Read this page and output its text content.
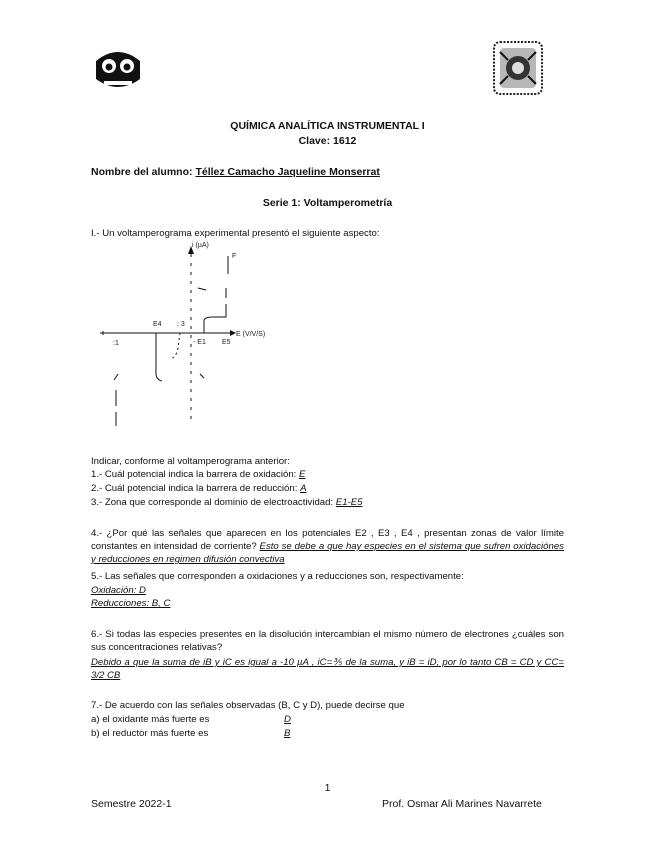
QUÍMICA ANALÍTICA INSTRUMENTAL I
Clave: 1612
Nombre del alumno: Téllez Camacho Jaqueline Monserrat
Serie 1: Voltamperometría
I.- Un voltamperograma experimental presentó el siguiente aspecto:
i (µA)
E (V/V/S)
E4 : 3
- E1 E5
:1
F
Indicar, conforme al voltamperograma anterior:
1.- Cuál potencial indica la barrera de oxidación: E
2.- Cuál potencial indica la barrera de reducción: A
3.- Zona que corresponde al dominio de electroactividad: E1-E5
4.- ¿Por qué las señales que aparecen en los potenciales E2 , E3 , E4 , presentan zonas de valor límite constantes en intensidad de corriente? Esto se debe a que hay especies en el sistema que sufren oxidaciónes y reducciones en regimen difusión convectiva
5.- Las señales que corresponden a oxidaciones y a reducciones son, respectivamente:
Oxidación: D
Reducciones: B, C
6.- Si todas las especies presentes en la disolución intercambian el mismo número de electrones ¿cuáles son sus concentraciones relativas?
Debido a que la suma de iB y iC es igual a -10 µA , iC=⅗ de la suma, y iB = iD, por lo tanto CB = CD y CC= 3/2 CB
7.- De acuerdo con las señales observadas (B, C y D), puede decirse que
a) el oxidante más fuerte es	D
b) el reductor más fuerte es	B
1
Semestre 2022-1	Prof. Osmar Ali Marines Navarrete
